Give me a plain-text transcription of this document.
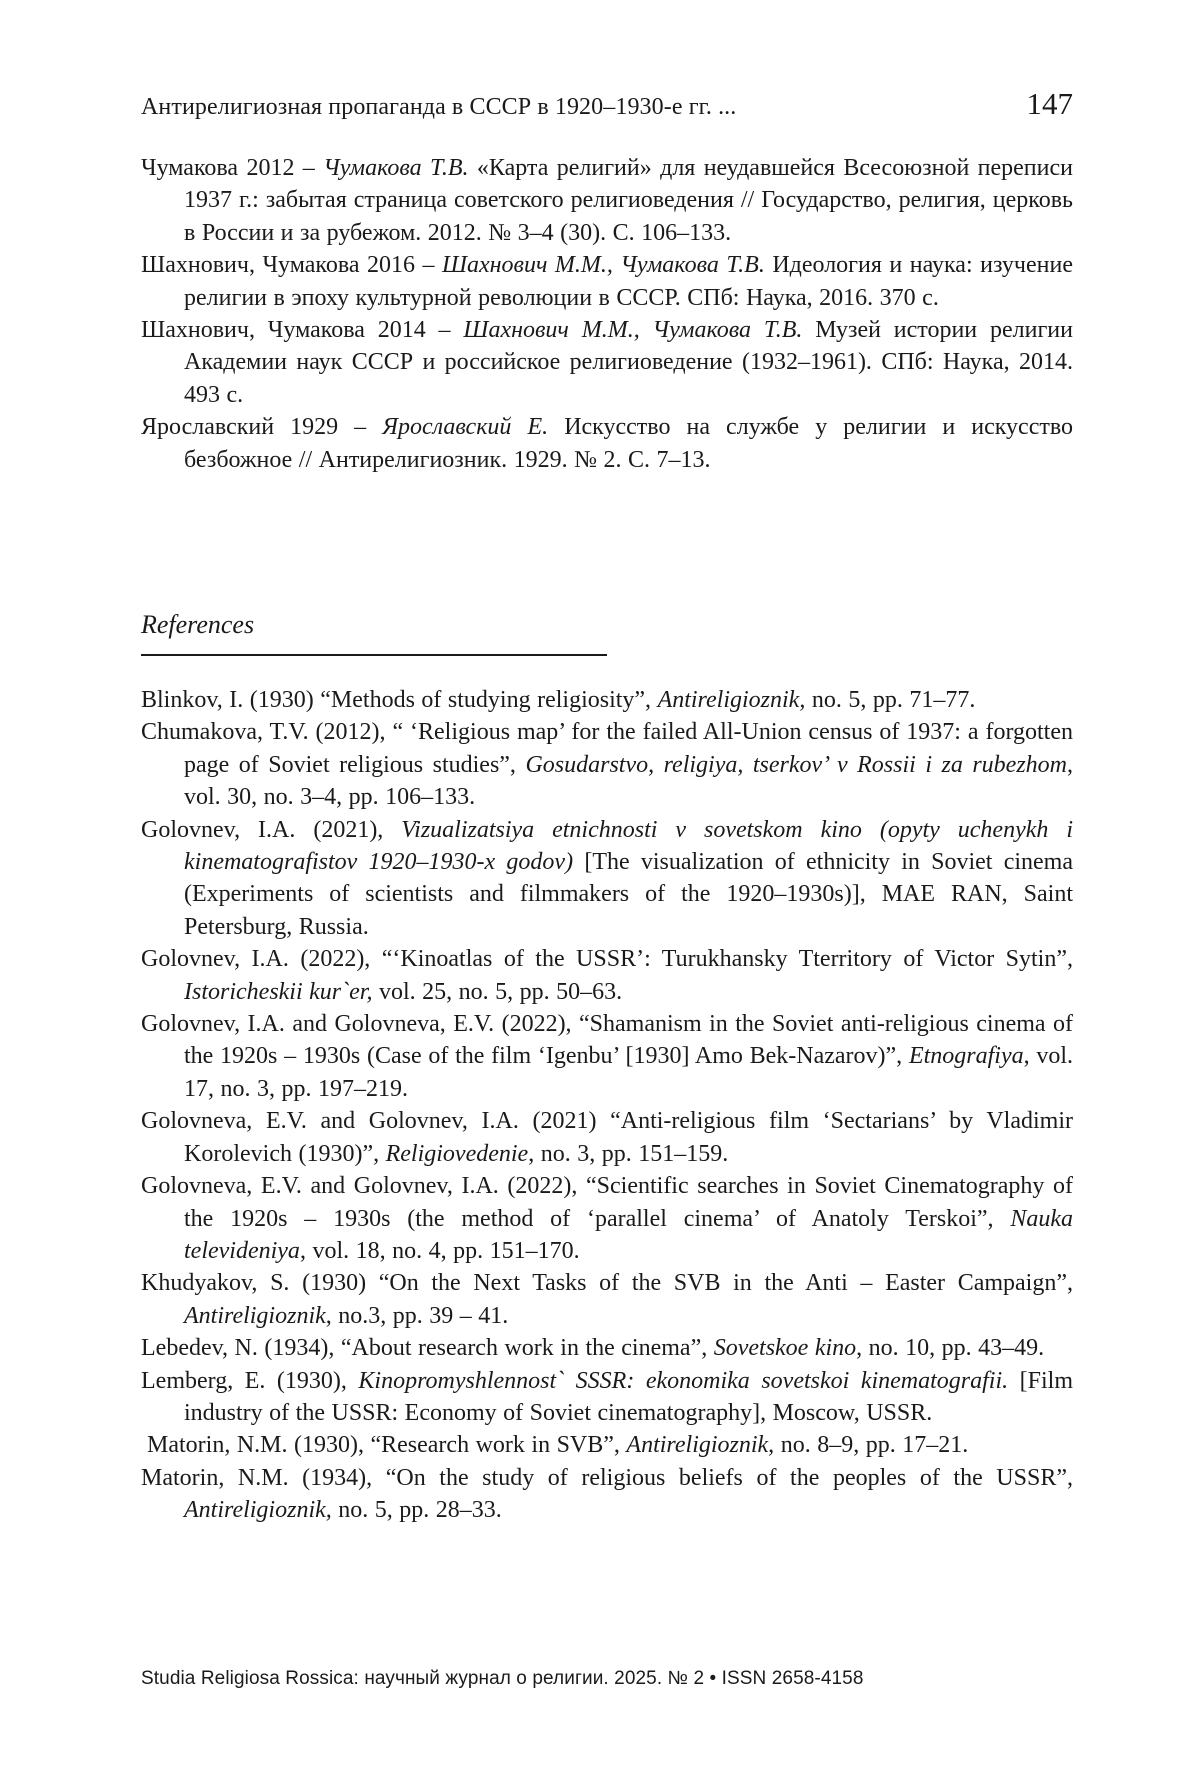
Антирелигиозная пропаганда в СССР в 1920–1930-е гг. ...	147

Чумакова 2012 – Чумакова Т.В. «Карта религий» для неудавшейся Всесоюзной переписи 1937 г.: забытая страница советского религиоведения // Государство, религия, церковь в России и за рубежом. 2012. № 3–4 (30). С. 106–133.

Шахнович, Чумакова 2016 – Шахнович М.М., Чумакова Т.В. Идеология и наука: изучение религии в эпоху культурной революции в СССР. СПб: Наука, 2016. 370 с.

Шахнович, Чумакова 2014 – Шахнович М.М., Чумакова Т.В. Музей истории религии Академии наук СССР и российское религиоведение (1932–1961). СПб: Наука, 2014. 493 с.

Ярославский 1929 – Ярославский Е. Искусство на службе у религии и искусство безбожное // Антирелигиозник. 1929. № 2. С. 7–13.

References

Blinkov, I. (1930) “Methods of studying religiosity”, Antireligioznik, no. 5, pp. 71–77.

Chumakova, T.V. (2012), “ ‘Religious map’ for the failed All-Union census of 1937: a forgotten page of Soviet religious studies”, Gosudarstvo, religiya, tserkov’ v Rossii i za rubezhom, vol. 30, no. 3–4, pp. 106–133.

Golovnev, I.A. (2021), Vizualizatsiya etnichnosti v sovetskom kino (opyty uchenykh i kinematografistov 1920–1930-x godov) [The visualization of ethnicity in Soviet cinema (Experiments of scientists and filmmakers of the 1920–1930s)], MAE RAN, Saint Petersburg, Russia.

Golovnev, I.A. (2022), “‘Kinoatlas of the USSR’: Turukhansky Tterritory of Victor Sytin”, Istoricheskii kur`er, vol. 25, no. 5, pp. 50–63.

Golovnev, I.A. and Golovneva, E.V. (2022), “Shamanism in the Soviet anti-religious cinema of the 1920s – 1930s (Case of the film ‘Igenbu’ [1930] Amo Bek-Nazarov)”, Etnografiya, vol. 17, no. 3, pp. 197–219.

Golovneva, E.V. and Golovnev, I.A. (2021) “Anti-religious film ‘Sectarians’ by Vladimir Korolevich (1930)”, Religiovedenie, no. 3, pp. 151–159.

Golovneva, E.V. and Golovnev, I.A. (2022), “Scientific searches in Soviet Cinematography of the 1920s – 1930s (the method of ‘parallel cinema’ of Anatoly Terskoi”, Nauka televideniya, vol. 18, no. 4, pp. 151–170.

Khudyakov, S. (1930) “On the Next Tasks of the SVB in the Anti – Easter Campaign”, Antireligioznik, no.3, pp. 39 – 41.

Lebedev, N. (1934), “About research work in the cinema”, Sovetskoe kino, no. 10, pp. 43–49.

Lemberg, E. (1930), Kinopromyshlennost` SSSR: ekonomika sovetskoi kinematografii. [Film industry of the USSR: Economy of Soviet cinematography], Moscow, USSR.

Matorin, N.M. (1930), “Research work in SVB”, Antireligioznik, no. 8–9, pp. 17–21.

Matorin, N.M. (1934), “On the study of religious beliefs of the peoples of the USSR”, Antireligioznik, no. 5, pp. 28–33.

Studia Religiosa Rossica: научный журнал о религии. 2025. № 2 • ISSN 2658-4158
